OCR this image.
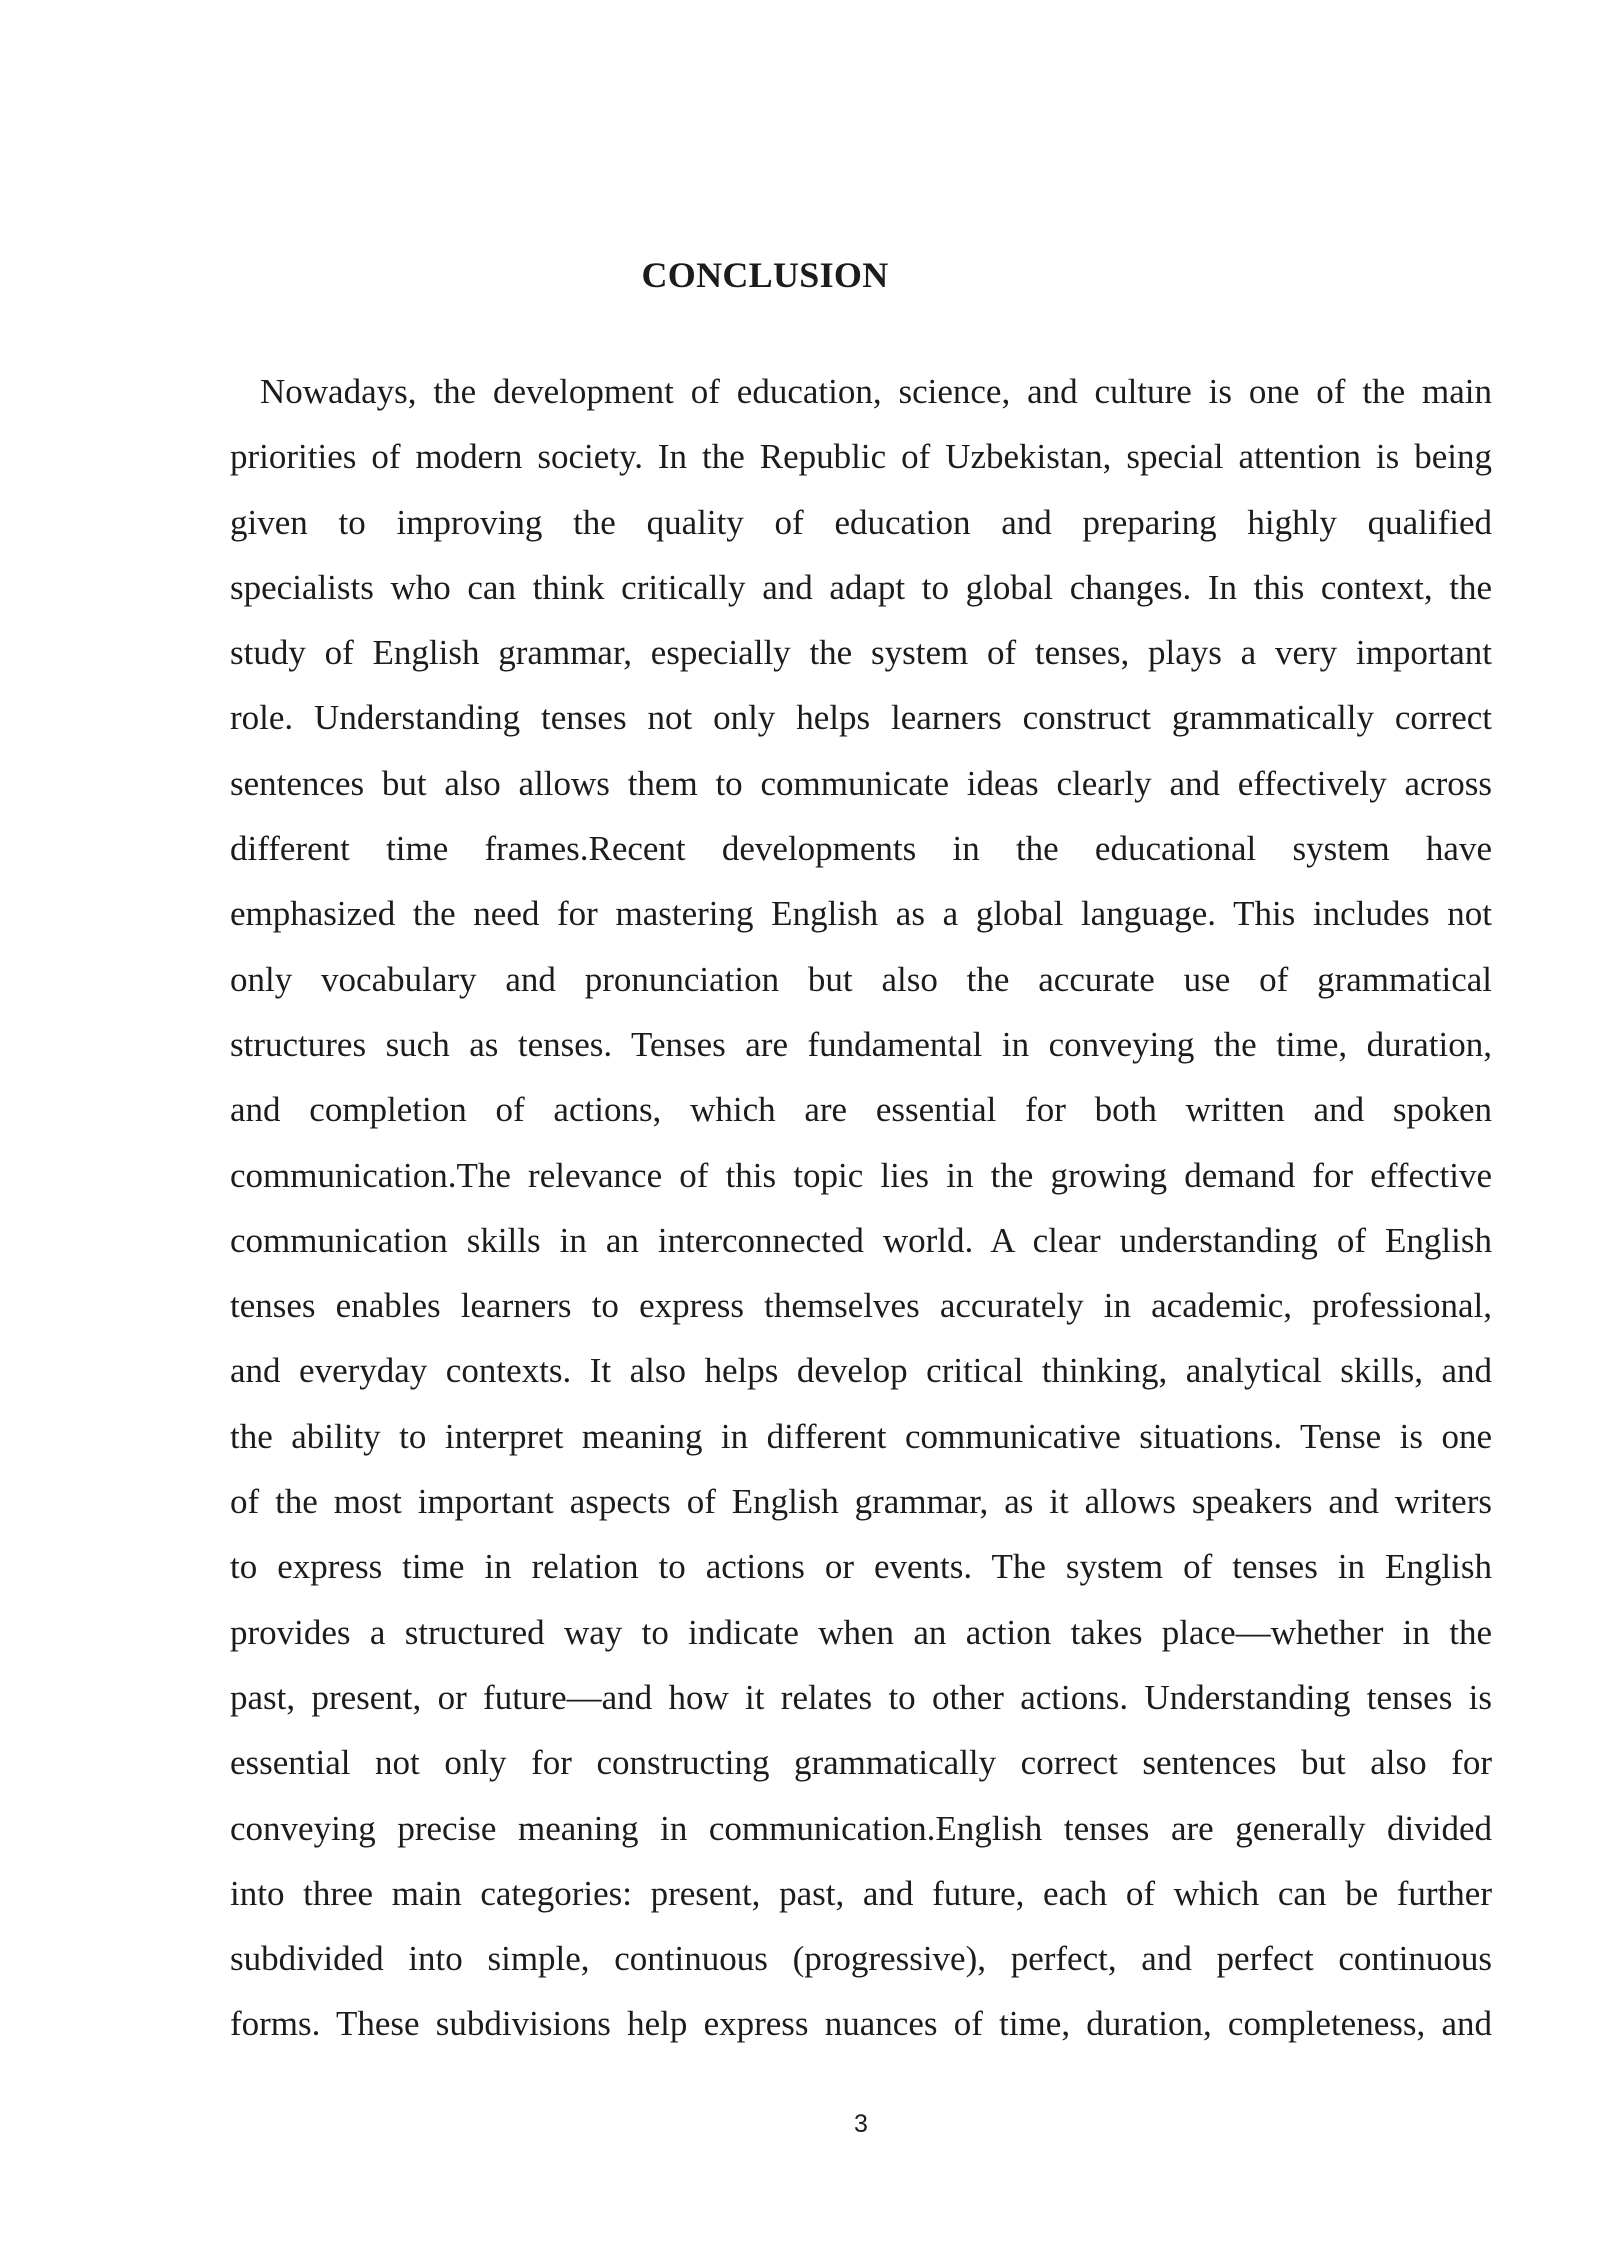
CONCLUSION
Nowadays, the development of education, science, and culture is one of the main
priorities of modern society. In the Republic of Uzbekistan, special attention is being
given to improving the quality of education and preparing highly qualified
specialists who can think critically and adapt to global changes. In this context, the
study of English grammar, especially the system of tenses, plays a very important
role. Understanding tenses not only helps learners construct grammatically correct
sentences but also allows them to communicate ideas clearly and effectively across
different time frames.Recent developments in the educational system have
emphasized the need for mastering English as a global language. This includes not
only vocabulary and pronunciation but also the accurate use of grammatical
structures such as tenses. Tenses are fundamental in conveying the time, duration,
and completion of actions, which are essential for both written and spoken
communication.The relevance of this topic lies in the growing demand for effective
communication skills in an interconnected world. A clear understanding of English
tenses enables learners to express themselves accurately in academic, professional,
and everyday contexts. It also helps develop critical thinking, analytical skills, and
the ability to interpret meaning in different communicative situations. Tense is one
of the most important aspects of English grammar, as it allows speakers and writers
to express time in relation to actions or events. The system of tenses in English
provides a structured way to indicate when an action takes place—whether in the
past, present, or future—and how it relates to other actions. Understanding tenses is
essential not only for constructing grammatically correct sentences but also for
conveying precise meaning in communication.English tenses are generally divided
into three main categories: present, past, and future, each of which can be further
subdivided into simple, continuous (progressive), perfect, and perfect continuous
forms. These subdivisions help express nuances of time, duration, completeness, and
3
